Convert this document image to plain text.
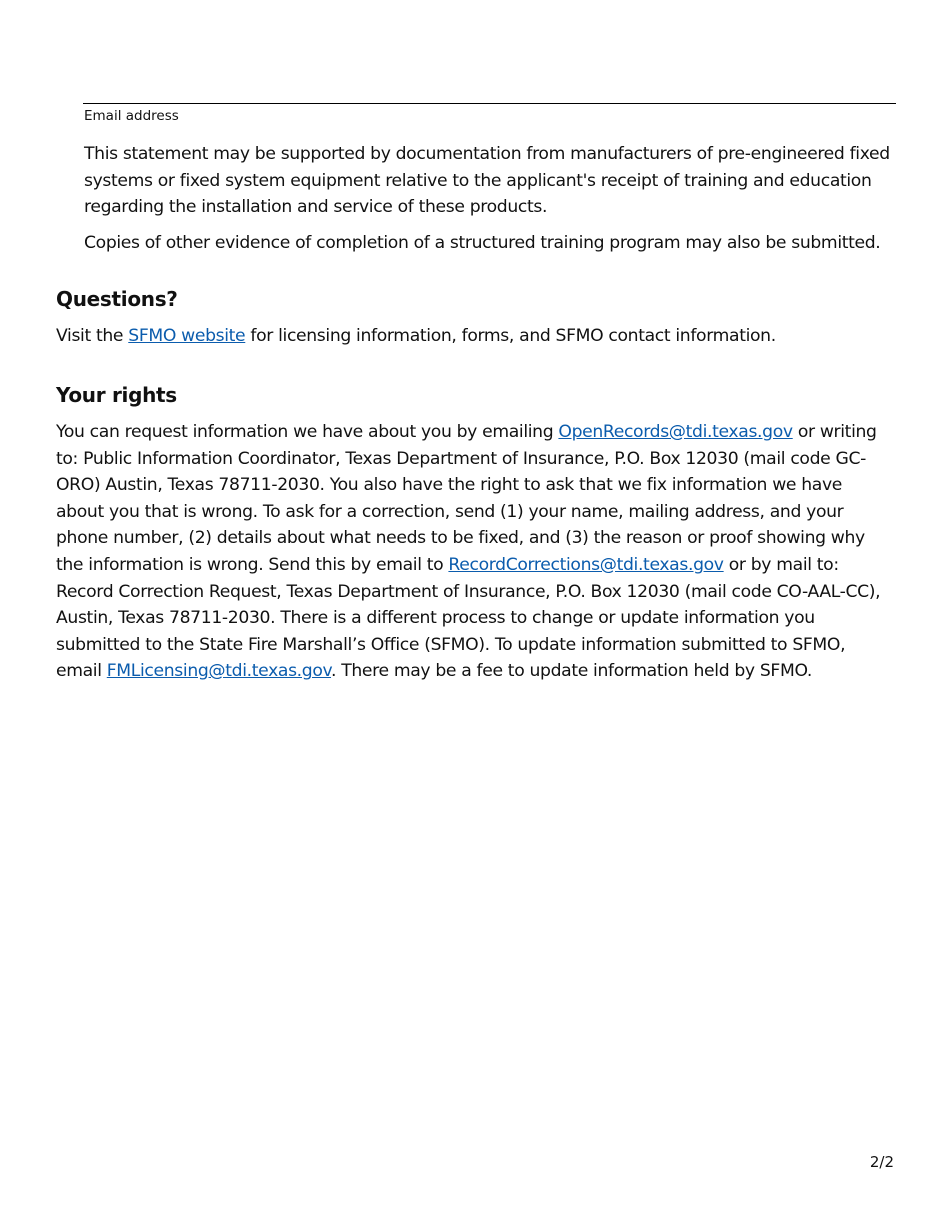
Email address

This statement may be supported by documentation from manufacturers of pre-engineered fixed systems or fixed system equipment relative to the applicant's receipt of training and education regarding the installation and service of these products.

Copies of other evidence of completion of a structured training program may also be submitted.

Questions?

Visit the SFMO website for licensing information, forms, and SFMO contact information.

Your rights

You can request information we have about you by emailing OpenRecords@tdi.texas.gov or writing to: Public Information Coordinator, Texas Department of Insurance, P.O. Box 12030 (mail code GC-ORO) Austin, Texas 78711-2030. You also have the right to ask that we fix information we have about you that is wrong. To ask for a correction, send (1) your name, mailing address, and your phone number, (2) details about what needs to be fixed, and (3) the reason or proof showing why the information is wrong. Send this by email to RecordCorrections@tdi.texas.gov or by mail to: Record Correction Request, Texas Department of Insurance, P.O. Box 12030 (mail code CO-AAL-CC), Austin, Texas 78711-2030. There is a different process to change or update information you submitted to the State Fire Marshall’s Office (SFMO). To update information submitted to SFMO, email FMLicensing@tdi.texas.gov. There may be a fee to update information held by SFMO.

2/2
